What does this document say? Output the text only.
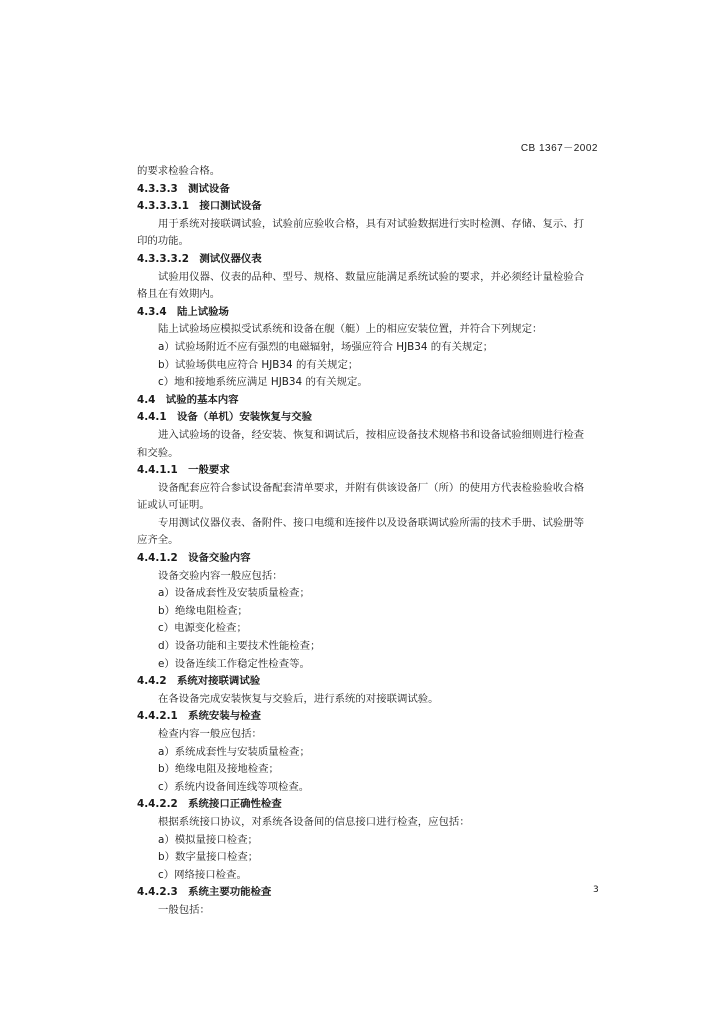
CB 1367－2002
的要求检验合格。
4.3.3.3　测试设备
4.3.3.3.1　接口测试设备
用于系统对接联调试验，试验前应验收合格，具有对试验数据进行实时检测、存储、复示、打
印的功能。
4.3.3.3.2　测试仪器仪表
试验用仪器、仪表的品种、型号、规格、数量应能满足系统试验的要求，并必须经计量检验合
格且在有效期内。
4.3.4　陆上试验场
陆上试验场应模拟受试系统和设备在舰（艇）上的相应安装位置，并符合下列规定：
a）试验场附近不应有强烈的电磁辐射，场强应符合 HJB34 的有关规定；
b）试验场供电应符合 HJB34 的有关规定；
c）地和接地系统应满足 HJB34 的有关规定。
4.4　试验的基本内容
4.4.1　设备（单机）安装恢复与交验
进入试验场的设备，经安装、恢复和调试后，按相应设备技术规格书和设备试验细则进行检查
和交验。
4.4.1.1　一般要求
设备配套应符合参试设备配套清单要求，并附有供该设备厂（所）的使用方代表检验验收合格
证或认可证明。
专用测试仪器仪表、备附件、接口电缆和连接件以及设备联调试验所需的技术手册、试验册等
应齐全。
4.4.1.2　设备交验内容
设备交验内容一般应包括：
a）设备成套性及安装质量检查；
b）绝缘电阻检查；
c）电源变化检查；
d）设备功能和主要技术性能检查；
e）设备连续工作稳定性检查等。
4.4.2　系统对接联调试验
在各设备完成安装恢复与交验后，进行系统的对接联调试验。
4.4.2.1　系统安装与检查
检查内容一般应包括：
a）系统成套性与安装质量检查；
b）绝缘电阻及接地检查；
c）系统内设备间连线等项检查。
4.4.2.2　系统接口正确性检查
根据系统接口协议，对系统各设备间的信息接口进行检查，应包括：
a）模拟量接口检查；
b）数字量接口检查；
c）网络接口检查。
4.4.2.3　系统主要功能检查
一般包括：
3
